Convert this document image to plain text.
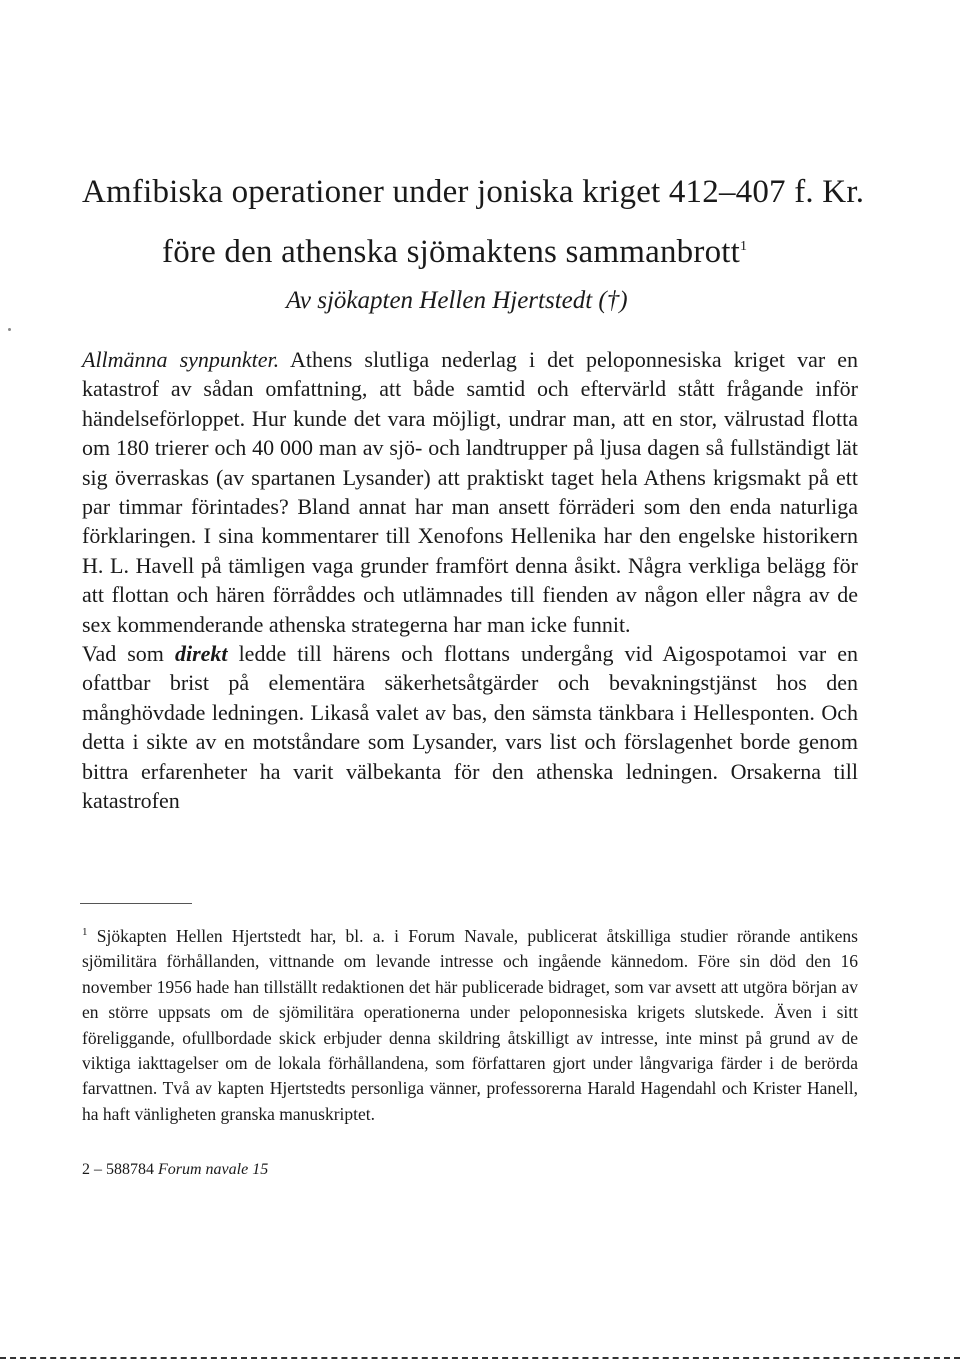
Amfibiska operationer under joniska kriget 412–407 f. Kr.
före den athenska sjömaktens sammanbrott$^1$
Av sjökapten Hellen Hjertstedt (†)

Allmänna synpunkter. Athens slutliga nederlag i det peloponnesiska kriget var en katastrof av sådan omfattning, att både samtid och eftervärld stått frågande inför händelseförloppet. Hur kunde det vara möjligt, undrar man, att en stor, välrustad flotta om 180 trierer och 40 000 man av sjö- och landtrupper på ljusa dagen så fullständigt lät sig överraskas (av spartanen Lysander) att praktiskt taget hela Athens krigsmakt på ett par timmar förintades? Bland annat har man ansett förräderi som den enda naturliga förklaringen. I sina kommentarer till Xenofons Hellenika har den engelske historikern H. L. Havell på tämligen vaga grunder framfört denna åsikt. Några verkliga belägg för att flottan och hären förråddes och utlämnades till fienden av någon eller några av de sex kommenderande athenska strategerna har man icke funnit.

Vad som direkt ledde till härens och flottans undergång vid Aigospotamoi var en ofattbar brist på elementära säkerhetsåtgärder och bevakningstjänst hos den månghövdade ledningen. Likaså valet av bas, den sämsta tänkbara i Hellesponten. Och detta i sikte av en motståndare som Lysander, vars list och förslagenhet borde genom bittra erfarenheter ha varit välbekanta för den athenska ledningen. Orsakerna till katastrofen

$^1$ Sjökapten Hellen Hjertstedt har, bl. a. i Forum Navale, publicerat åtskilliga studier rörande antikens sjömilitära förhållanden, vittnande om levande intresse och ingående kännedom. Före sin död den 16 november 1956 hade han tillställt redaktionen det här publicerade bidraget, som var avsett att utgöra början av en större uppsats om de sjömilitära operationerna under peloponnesiska krigets slutskede. Även i sitt föreliggande, ofullbordade skick erbjuder denna skildring åtskilligt av intresse, inte minst på grund av de viktiga iakttagelser om de lokala förhållandena, som författaren gjort under långvariga färder i de berörda farvattnen. Två av kapten Hjertstedts personliga vänner, professorerna Harald Hagendahl och Krister Hanell, ha haft vänligheten granska manuskriptet.

2 – 588784 Forum navale 15
